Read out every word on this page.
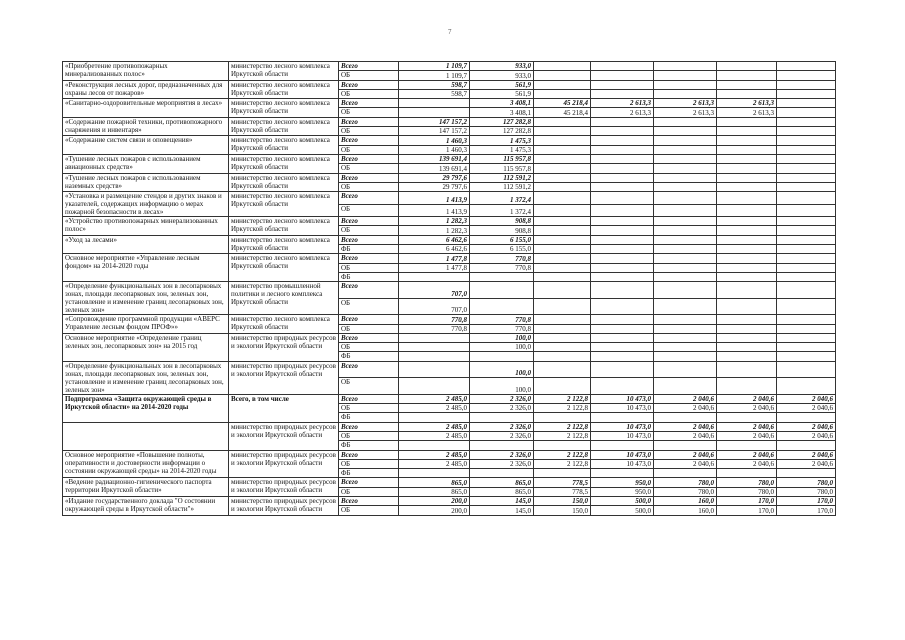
7
«Приобретение противопожарных минерализованных полос»	министерство лесного комплекса Иркутской области	Всего	1 109,7	933,0					
		ОБ	1 109,7	933,0					
«Реконструкция лесных дорог, предназначенных для охраны лесов от пожаров»	министерство лесного комплекса Иркутской области	Всего	598,7	561,9					
		ОБ	598,7	561,9					
«Санитарно-оздоровительные мероприятия в лесах»	министерство лесного комплекса Иркутской области	Всего		3 408,1	45 218,4	2 613,3	2 613,3	2 613,3	
		ОБ		3 408,1	45 218,4	2 613,3	2 613,3	2 613,3	
«Содержание пожарной техники, противопожарного снаряжения и инвентаря»	министерство лесного комплекса Иркутской области	Всего	147 157,2	127 282,8					
		ОБ	147 157,2	127 282,8					
«Содержание систем связи и оповещения»	министерство лесного комплекса Иркутской области	Всего	1 460,3	1 475,3					
		ОБ	1 460,3	1 475,3					
«Тушение лесных пожаров с использованием авиационных средств»	министерство лесного комплекса Иркутской области	Всего	139 691,4	115 957,8					
		ОБ	139 691,4	115 957,8					
«Тушение лесных пожаров с использованием наземных средств»	министерство лесного комплекса Иркутской области	Всего	29 797,6	112 591,2					
		ОБ	29 797,6	112 591,2					
«Установка и размещение стендов и других знаков и указателей, содержащих информацию о мерах пожарной безопасности в лесах»	министерство лесного комплекса Иркутской области	Всего	1 413,9	1 372,4					
		ОБ	1 413,9	1 372,4					
«Устройство противопожарных минерализованных полос»	министерство лесного комплекса Иркутской области	Всего	1 282,3	908,8					
		ОБ	1 282,3	908,8					
«Уход за лесами»	министерство лесного комплекса Иркутской области	Всего	6 462,6	6 155,0					
		ФБ	6 462,6	6 155,0					
Основное мероприятие «Управление лесным фондом» на 2014-2020 годы	министерство лесного комплекса Иркутской области	Всего	1 477,8	770,8					
		ОБ	1 477,8	770,8					
		ФБ							
«Определение функциональных зон в лесопарковых зонах, площади лесопарковых зон, зеленых зон, установление и изменение границ лесопарковых зон, зеленых зон»	министерство промышленной политики и лесного комплекса Иркутской области	Всего	707,0						
		ОБ	707,0						
«Сопровождение программной продукции «АВЕРС Управление лесным фондом ПРОФ»»	министерство лесного комплекса Иркутской области	Всего	770,8	770,8					
		ОБ	770,8	770,8					
Основное мероприятие «Определение границ зеленых зон, лесопарковых зон» на 2015 год	министерство природных ресурсов и экологии Иркутской области	Всего		100,0					
		ОБ		100,0					
		ФБ							
«Определение функциональных зон в лесопарковых зонах, площади лесопарковых зон, зеленых зон, установление и изменение границ лесопарковых зон, зеленых зон»	министерство природных ресурсов и экологии Иркутской области	Всего		100,0					
		ОБ		100,0					
Подпрограмма «Защита окружающей среды в Иркутской области» на 2014-2020 годы	Всего, в том числе	Всего	2 485,0	2 326,0	2 122,8	10 473,0	2 040,6	2 040,6	2 040,6
		ОБ	2 485,0	2 326,0	2 122,8	10 473,0	2 040,6	2 040,6	2 040,6
		ФБ							
	министерство природных ресурсов и экологии Иркутской области	Всего	2 485,0	2 326,0	2 122,8	10 473,0	2 040,6	2 040,6	2 040,6
		ОБ	2 485,0	2 326,0	2 122,8	10 473,0	2 040,6	2 040,6	2 040,6
		ФБ							
Основное мероприятие «Повышение полноты, оперативности и достоверности информации о состоянии окружающей среды» на 2014-2020 годы	министерство природных ресурсов и экологии Иркутской области	Всего	2 485,0	2 326,0	2 122,8	10 473,0	2 040,6	2 040,6	2 040,6
		ОБ	2 485,0	2 326,0	2 122,8	10 473,0	2 040,6	2 040,6	2 040,6
		ФБ							
«Ведение радиационно-гигиенического паспорта территории Иркутской области»	министерство природных ресурсов и экологии Иркутской области	Всего	865,0	865,0	778,5	950,0	780,0	780,0	780,0
		ОБ	865,0	865,0	778,5	950,0	780,0	780,0	780,0
«Издание государственного доклада "О состоянии окружающей среды в Иркутской области"»	министерство природных ресурсов и экологии Иркутской области	Всего	200,0	145,0	150,0	500,0	160,0	170,0	170,0
		ОБ	200,0	145,0	150,0	500,0	160,0	170,0	170,0
